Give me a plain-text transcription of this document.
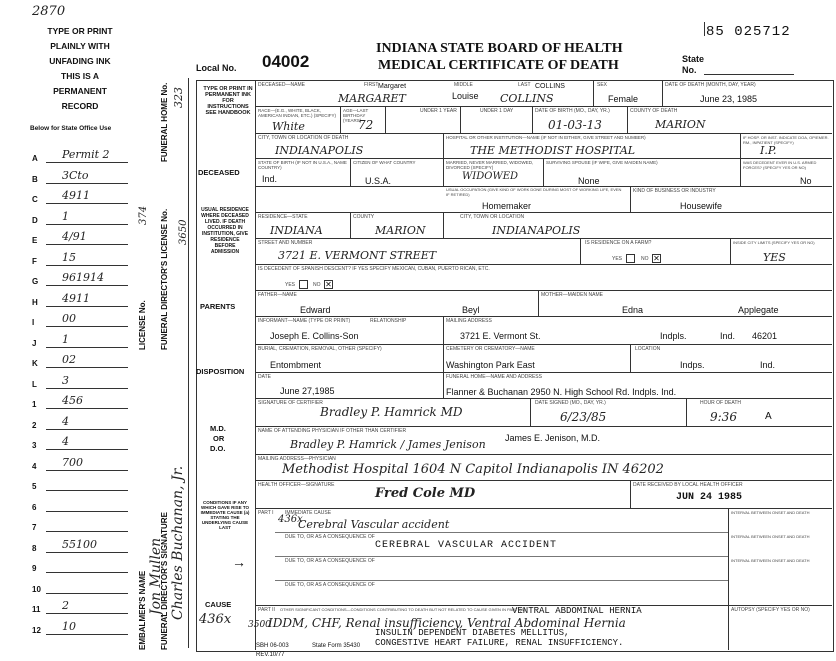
2870
TYPE OR PRINT
PLAINLY WITH
UNFADING INK
THIS IS A
PERMANENT
RECORD
Below for State Office Use
A Permit 2
B 3Cto
C 4911
D 1
E 4/91
F 15
G 961914
H 4911
I	00
J 1
K 02
L 3
1 456
2 4
3 4
4 700
5
6
7
8 55100
9
10
11 2
12 10	EMBALMER'S NAME
LICENSE No.
FUNERAL DIRECTOR'S SIGNATURE
FUNERAL DIRECTOR'S LICENSE No.
FUNERAL HOME No. 323
3650
374
Jon Mullen Charles Buchanan, Jr.
Local No. 04002
INDIANA STATE BOARD OF HEALTH
MEDICAL CERTIFICATE OF DEATH	State
No.
85 025712
TYPE OR PRINT IN PERMANENT INK FOR INSTRUCTIONS SEE HANDBOOK
DECEASED
USUAL RESIDENCE WHERE DECEASED LIVED. IF DEATH OCCURRED IN INSTITUTION, GIVE RESIDENCE BEFORE ADMISSION
PARENTS
DISPOSITION
M.D.
OR
D.O.
CONDITIONS IF ANY WHICH GAVE RISE TO IMMEDIATE CAUSE (a) STATING THE UNDERLYING CAUSE LAST
CAUSE
436x
→
DECEASED—NAME	FIRST	MIDDLE	LAST
Margaret	COLLINS
MARGARET	Louise COLLINS
SEX
Female
DATE OF DEATH (MONTH, DAY, YEAR)
June 23, 1985
RACE—(E.G., WHITE, BLACK, AMERICAN INDIAN, ETC.) (SPECIFY)
White
AGE—LAST BIRTHDAY (YEARS)
72
UNDER 1 YEAR	UNDER 1 DAY	DATE OF BIRTH (MO., DAY, YR.)
01-03-13
COUNTY OF DEATH
MARION
CITY, TOWN OR LOCATION OF DEATH
INDIANAPOLIS
HOSPITAL OR OTHER INSTITUTION—NAME (IF NOT IN EITHER, GIVE STREET AND NUMBER)
THE METHODIST HOSPITAL
IF HOSP. OR INST. INDICATE DOA, OP/EMER. RM., INPATIENT (SPECIFY)
I.P.
STATE OF BIRTH (IF NOT IN U.S.A., NAME COUNTRY)
Ind.
CITIZEN OF WHAT COUNTRY
U.S.A.
MARRIED, NEVER MARRIED, WIDOWED, DIVORCED (SPECIFY)
WIDOWED
SURVIVING SPOUSE (IF WIFE, GIVE MAIDEN NAME)
None
WAS DECEDENT EVER IN U.S. ARMED FORCES? (SPECIFY YES OR NO)
No
USUAL OCCUPATION (GIVE KIND OF WORK DONE DURING MOST OF WORKING LIFE, EVEN IF RETIRED)
Homemaker
KIND OF BUSINESS OR INDUSTRY
Housewife
RESIDENCE—STATE
INDIANA
COUNTY
MARION
CITY, TOWN OR LOCATION
INDIANAPOLIS
STREET AND NUMBER
3721 E. VERMONT STREET
IS RESIDENCE ON A FARM?
YES	NO ✕
INSIDE CITY LIMITS (SPECIFY YES OR NO)
YES
IS DECEDENT OF SPANISH DESCENT? IF YES SPECIFY MEXICAN, CUBAN, PUERTO RICAN, ETC.
YES	NO ✕
FATHER—NAME
Edward	Beyl
MOTHER—MAIDEN NAME
Edna	Applegate
INFORMANT—NAME (TYPE OR PRINT)	RELATIONSHIP
Joseph E. Collins-Son
MAILING ADDRESS
3721 E. Vermont St.	Indpls.	Ind. 46201
BURIAL, CREMATION, REMOVAL, OTHER (SPECIFY)
Entombment
CEMETERY OR CREMATORY—NAME
Washington Park East
LOCATION
Indps.	Ind.
DATE
June 27,1985
FUNERAL HOME—NAME AND ADDRESS
Flanner & Buchanan 2950 N. High School Rd. Indpls. Ind.
SIGNATURE OF CERTIFIER
Bradley P. Hamrick MD
DATE SIGNED (MO., DAY, YR.)
6/23/85
HOUR OF DEATH
9:36	A
NAME OF ATTENDING PHYSICIAN IF OTHER THAN CERTIFIER
Bradley P. Hamrick / James Jenison James E. Jenison, M.D.
MAILING ADDRESS—PHYSICIAN
Methodist Hospital 1604 N Capitol Indianapolis IN 46202
HEALTH OFFICER—SIGNATURE
Fred Cole MD
DATE RECEIVED BY LOCAL HEALTH OFFICER
JUN 24 1985
PART I IMMEDIATE CAUSE
436x
Cerebral Vascular accident
DUE TO, OR AS A CONSEQUENCE OF
CEREBRAL VASCULAR ACCIDENT
DUE TO, OR AS A CONSEQUENCE OF
DUE TO, OR AS A CONSEQUENCE OF
INTERVAL BETWEEN ONSET AND DEATH
INTERVAL BETWEEN ONSET AND DEATH
INTERVAL BETWEEN ONSET AND DEATH
PART II OTHER SIGNIFICANT CONDITIONS—CONDITIONS CONTRIBUTING TO DEATH BUT NOT RELATED TO CAUSE GIVEN IN PART I(A)
VENTRAL ABDOMINAL HERNIA
3500
IDDM, CHF, Renal insufficiency, Ventral Abdominal Hernia
INSULIN DEPENDENT DIABETES MELLITUS,
CONGESTIVE HEART FAILURE, RENAL INSUFFICIENCY.
AUTOPSY (SPECIFY YES OR NO)
SBH 06-003
REV.10/77
State Form 35430
